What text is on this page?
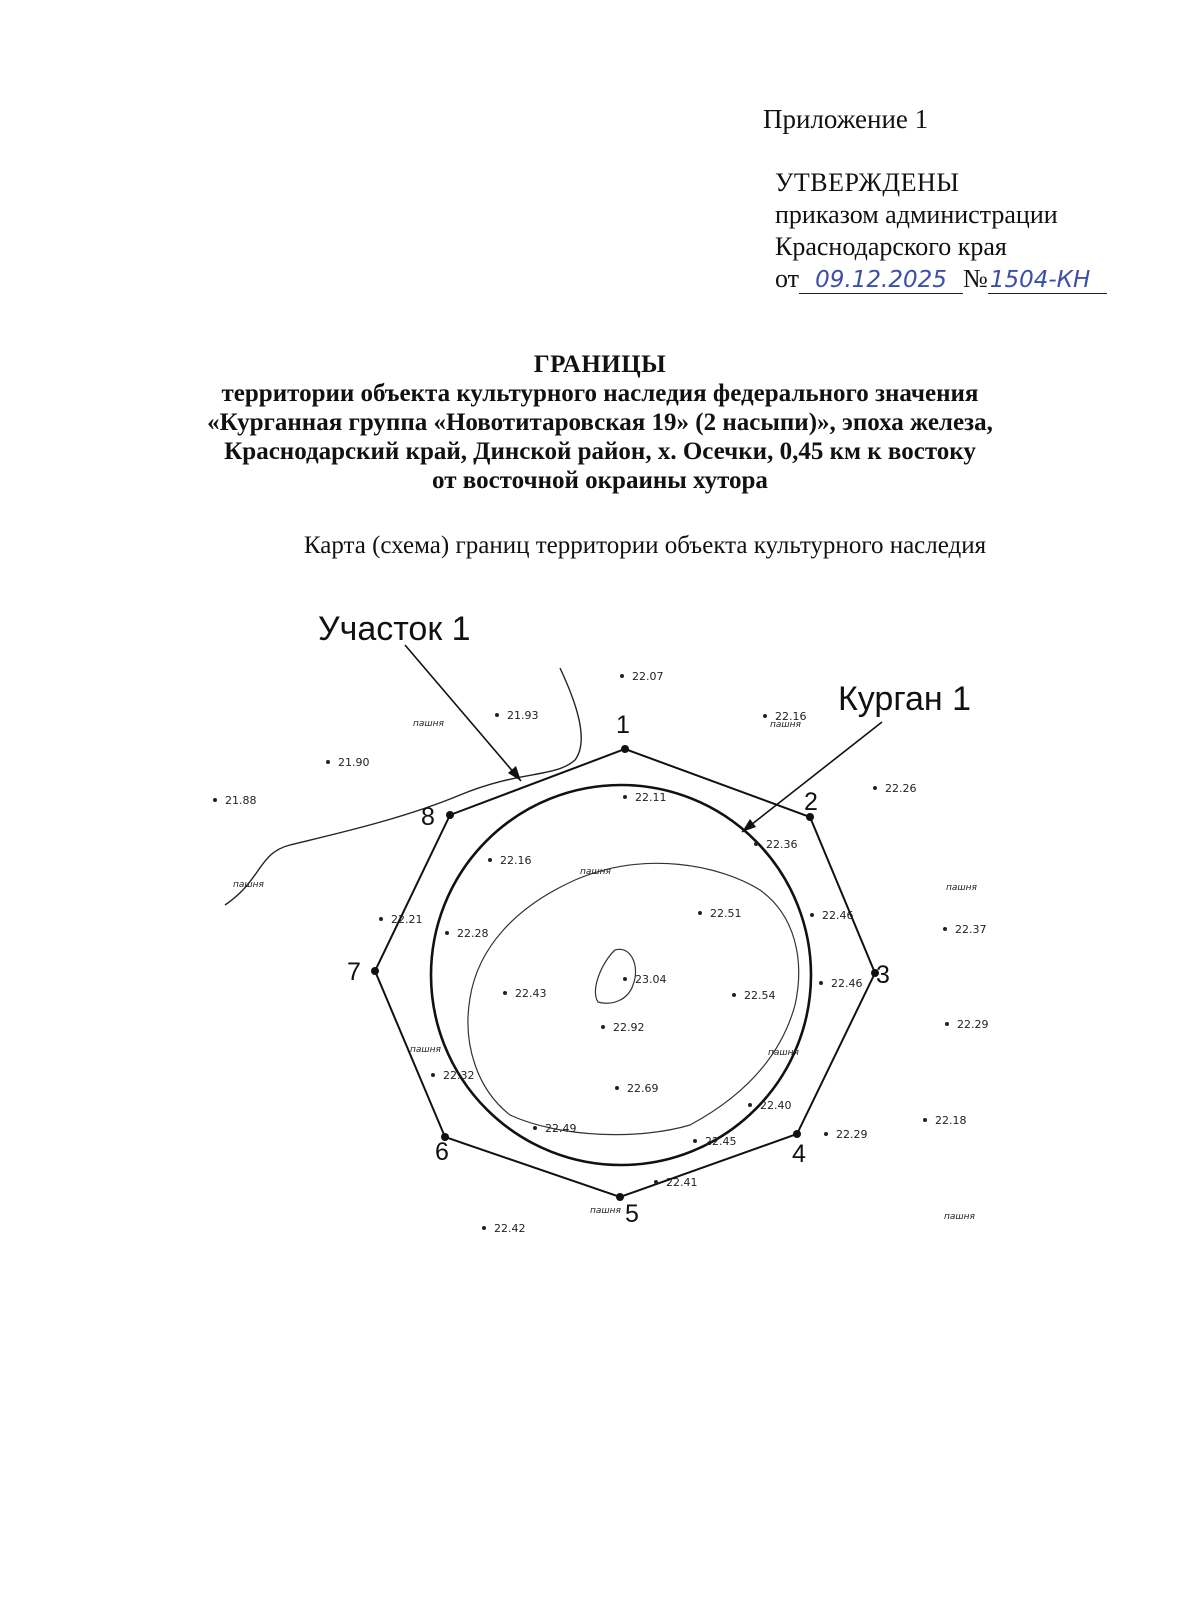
Приложение 1
УТВЕРЖДЕНЫ
приказом администрации
Краснодарского края
от 09.12.2025 №1504-КН
ГРАНИЦЫ
территории объекта культурного наследия федерального значения
«Курганная группа «Новотитаровская 19» (2 насыпи)», эпоха железа,
Краснодарский край, Динской район, х. Осечки, 0,45 км к востоку
от восточной окраины хутора
Карта (схема) границ территории объекта культурного наследия
Участок 1
Курган 1
1
2
3
4
5
6
7
8
пашня	пашня
пашня
пашня
пашня
пашня	пашня
пашня
пашня
22.07
21.93	22.16
21.90
21.88
22.26
22.11
22.36
22.16
22.51	22.46
22.21
22.28	22.37
23.04
22.43	22.54
22.46
22.92	22.29
22.32
22.69
22.40
22.18
22.49
22.45
22.29
22.41
22.42
